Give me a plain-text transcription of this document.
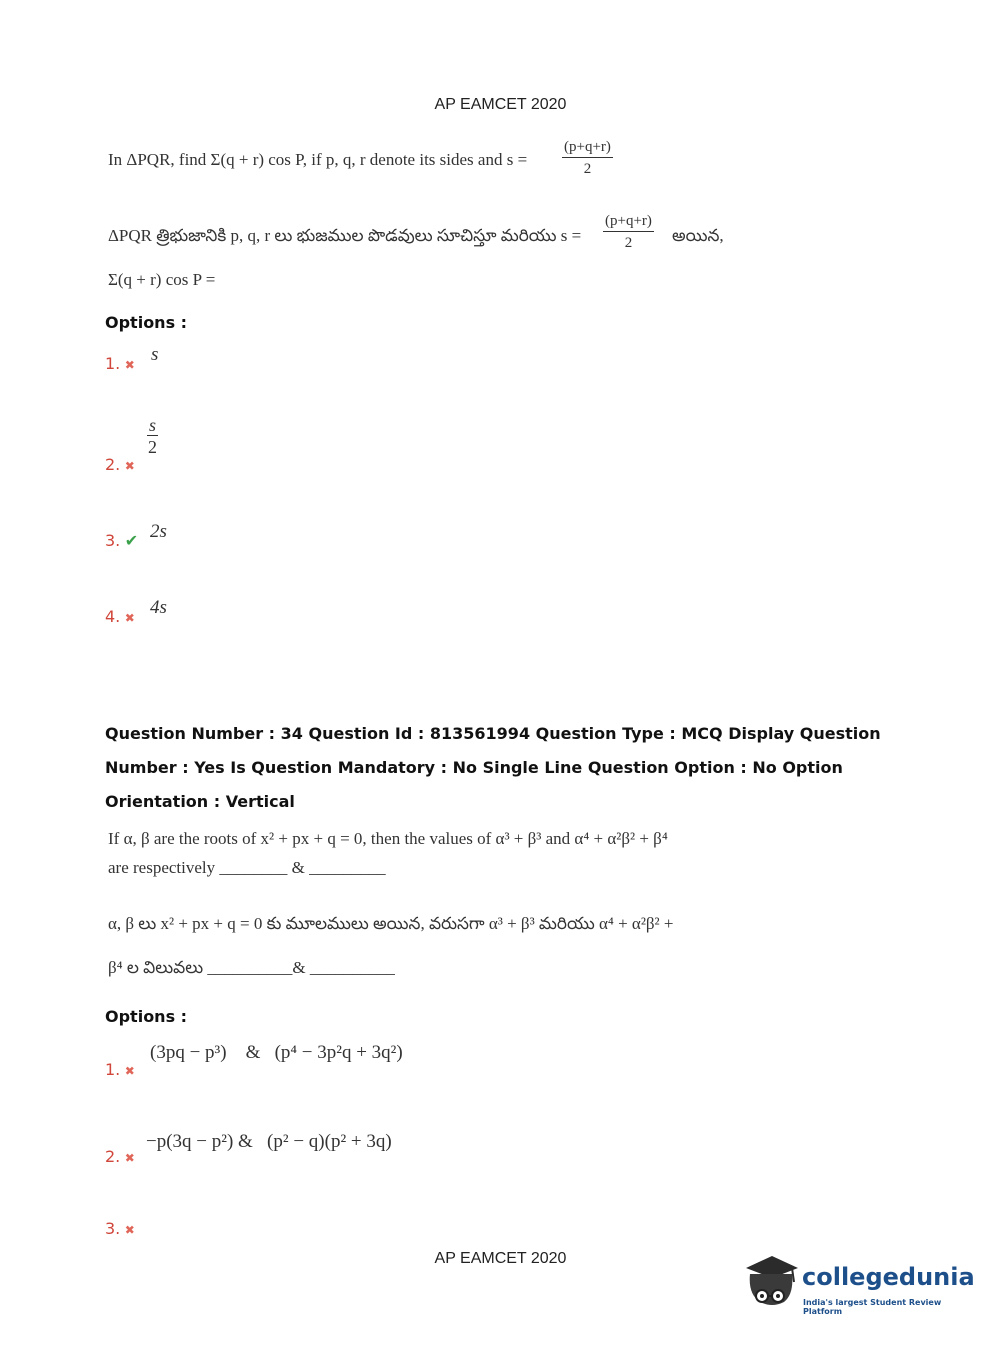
AP EAMCET 2020
In ΔPQR, find Σ(q + r) cos P, if p, q, r denote its sides and $s = \frac{(p+q+r)}{2}$
ΔPQR త్రిభుజానికి p, q, r లు భుజముల పొడవులు సూచిస్తూ మరియు $s = \frac{(p+q+r)}{2}$ అయిన,
Σ(q + r) cos P =
Options :
1. ✖ s
2. ✖
$\frac{s}{2}$
3. ✔ 2s
4. ✖ 4s
Question Number : 34 Question Id : 813561994 Question Type : MCQ Display Question
Number : Yes Is Question Mandatory : No Single Line Question Option : No Option
Orientation : Vertical
If α, β are the roots of x² + px + q = 0, then the values of α³ + β³ and α⁴ + α²β² + β⁴
are respectively ________ & _________
α, β లు x² + px + q = 0 కు మూలములు అయిన, వరుసగా α³ + β³ మరియు α⁴ + α²β² +
β⁴ ల విలువలు __________& __________
Options :
1. ✖
(3pq − p³)    &   (p⁴ − 3p²q + 3q²)
2. ✖
−p(3q − p²) &   (p² − q)(p² + 3q)
3. ✖
AP EAMCET 2020
collegedunia
India's largest Student Review Platform
